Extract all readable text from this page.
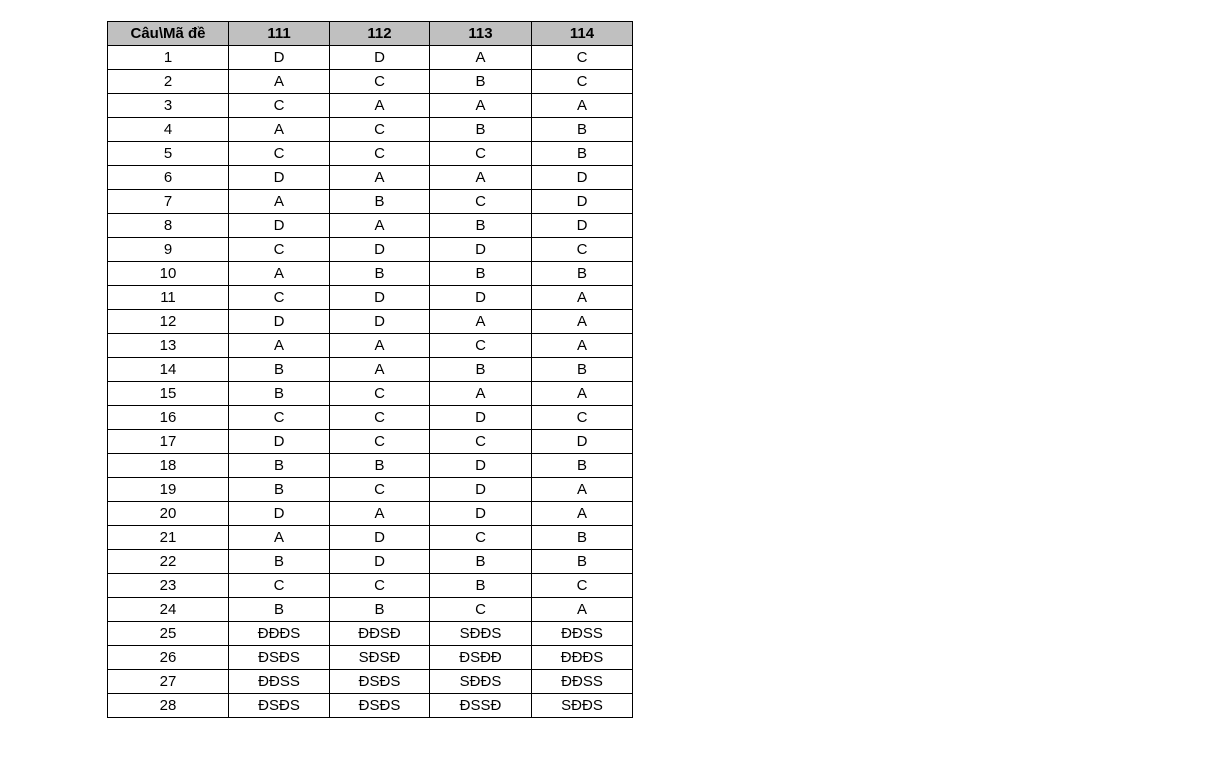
Câu\Mã đề	111	112	113	114
1	D	D	A	C
2	A	C	B	C
3	C	A	A	A
4	A	C	B	B
5	C	C	C	B
6	D	A	A	D
7	A	B	C	D
8	D	A	B	D
9	C	D	D	C
10	A	B	B	B
11	C	D	D	A
12	D	D	A	A
13	A	A	C	A
14	B	A	B	B
15	B	C	A	A
16	C	C	D	C
17	D	C	C	D
18	B	B	D	B
19	B	C	D	A
20	D	A	D	A
21	A	D	C	B
22	B	D	B	B
23	C	C	B	C
24	B	B	C	A
25	ĐĐĐS	ĐĐSĐ	SĐĐS	ĐĐSS
26	ĐSĐS	SĐSĐ	ĐSĐĐ	ĐĐĐS
27	ĐĐSS	ĐSĐS	SĐĐS	ĐĐSS
28	ĐSĐS	ĐSĐS	ĐSSĐ	SĐĐS
